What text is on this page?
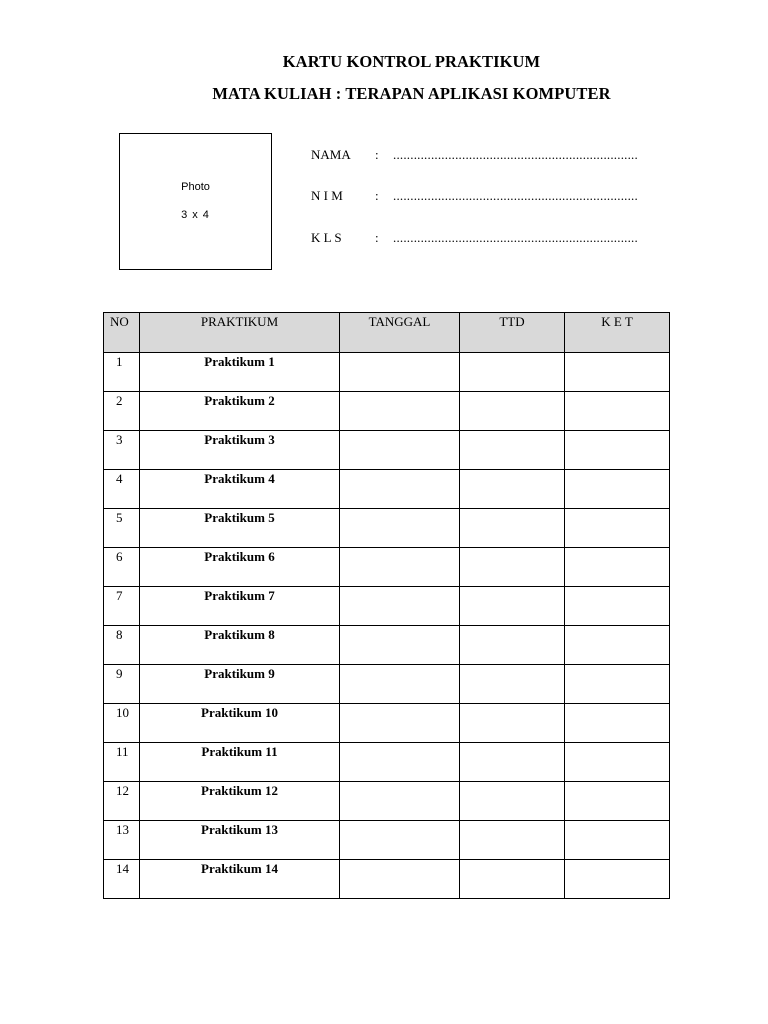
KARTU KONTROL PRAKTIKUM
MATA KULIAH : TERAPAN APLIKASI KOMPUTER
Photo
3 x 4
NAMA : .......................................................................
N I M : .......................................................................
K L S	: .......................................................................
NO	PRAKTIKUM	TANGGAL	TTD	K E T
1	Praktikum 1			
2	Praktikum 2			
3	Praktikum 3			
4	Praktikum 4			
5	Praktikum 5			
6	Praktikum 6			
7	Praktikum 7			
8	Praktikum 8			
9	Praktikum 9			
10	Praktikum 10			
11	Praktikum 11			
12	Praktikum 12			
13	Praktikum 13			
14	Praktikum 14			
